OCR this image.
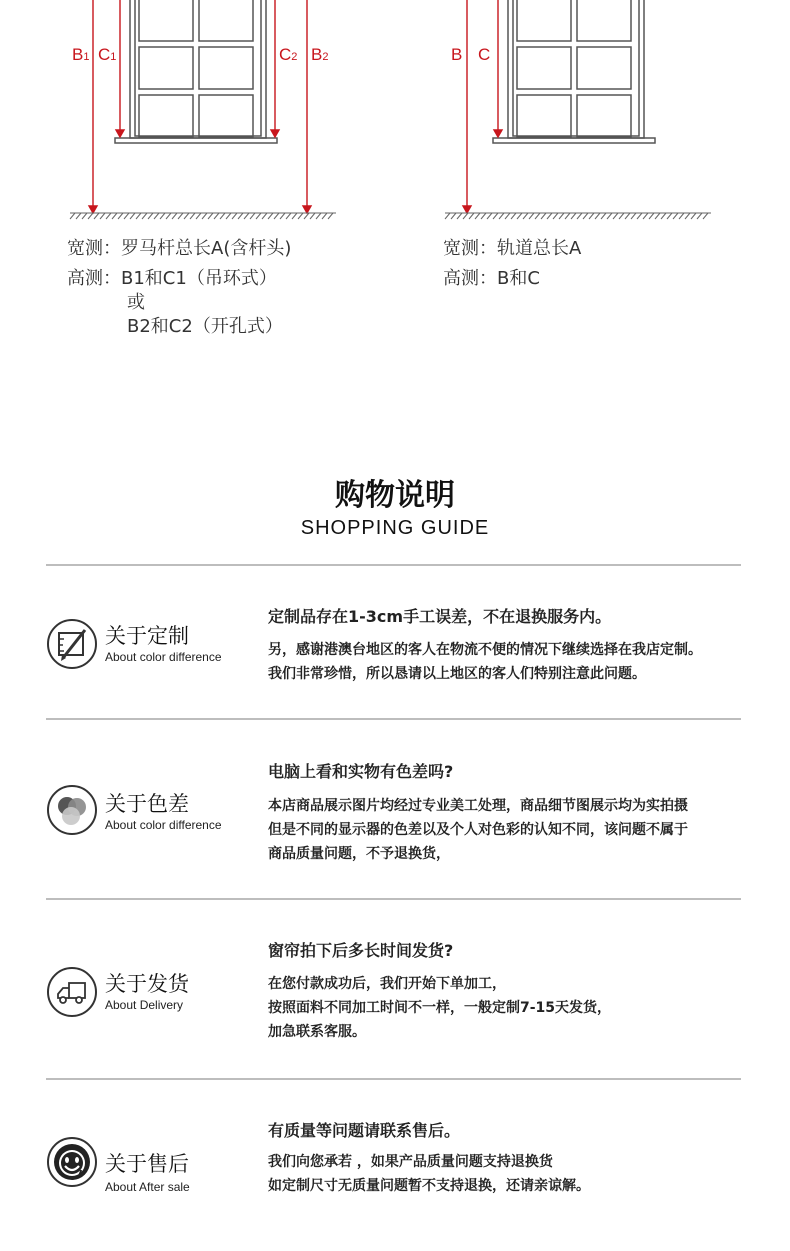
B1 C1	C2 B2	B C
宽测：罗马杆总长A(含杆头)
高测：B1和C1（吊环式）
或
B2和C2（开孔式）
宽测：轨道总长A
高测：B和C
购物说明
SHOPPING GUIDE
关于定制
About color difference
定制品存在1-3cm手工误差，不在退换服务内。
另，感谢港澳台地区的客人在物流不便的情况下继续选择在我店定制。
我们非常珍惜，所以恳请以上地区的客人们特别注意此问题。
关于色差
About color difference
电脑上看和实物有色差吗?
本店商品展示图片均经过专业美工处理，商品细节图展示均为实拍摄
但是不同的显示器的色差以及个人对色彩的认知不同，该问题不属于
商品质量问题，不予退换货，
关于发货
About Delivery
窗帘拍下后多长时间发货?
在您付款成功后，我们开始下单加工，
按照面料不同加工时间不一样，一般定制7-15天发货，
加急联系客服。
关于售后
About After sale
有质量等问题请联系售后。
我们向您承若 ，如果产品质量问题支持退换货
如定制尺寸无质量问题暂不支持退换，还请亲谅解。
